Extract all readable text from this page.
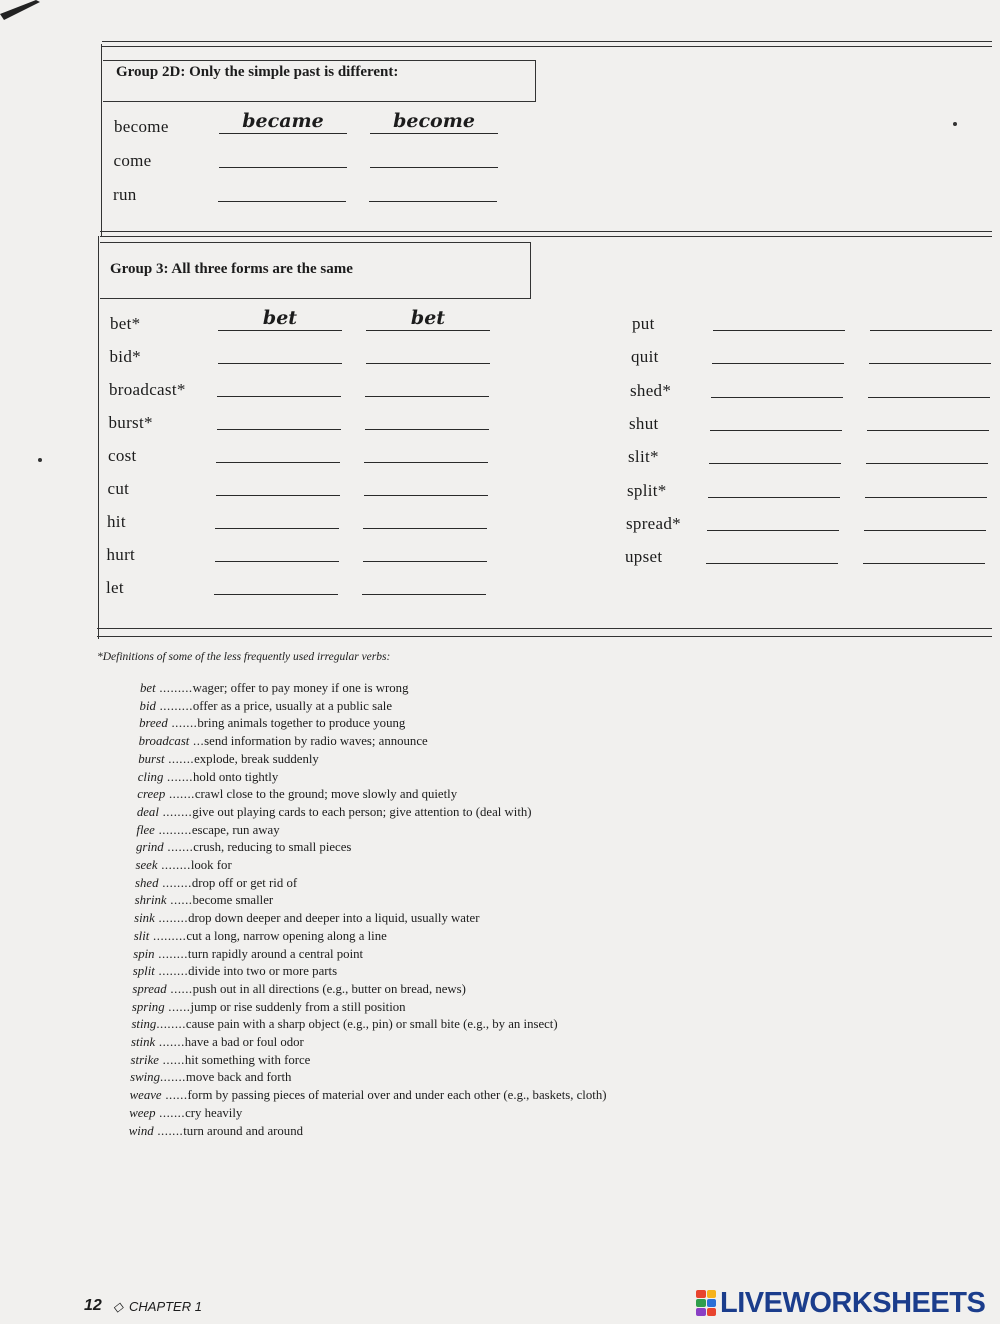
Group 2D: Only the simple past is different:
become	became	become
come
run
Group 3: All three forms are the same
bet*	bet	bet
bid*
broadcast*
burst*
cost
cut
hit
hurt
let
put
quit
shed*
shut
slit*
split*
spread*
upset
*Definitions of some of the less frequently used irregular verbs:
bet .........wager; offer to pay money if one is wrong
bid .........offer as a price, usually at a public sale
breed .......bring animals together to produce young
broadcast ...send information by radio waves; announce
burst .......explode, break suddenly
cling .......hold onto tightly
creep .......crawl close to the ground; move slowly and quietly
deal ........give out playing cards to each person; give attention to (deal with)
flee .........escape, run away
grind .......crush, reducing to small pieces
seek ........look for
shed ........drop off or get rid of
shrink ......become smaller
sink ........drop down deeper and deeper into a liquid, usually water
slit .........cut a long, narrow opening along a line
spin ........turn rapidly around a central point
split ........divide into two or more parts
spread ......push out in all directions (e.g., butter on bread, news)
spring ......jump or rise suddenly from a still position
sting........cause pain with a sharp object (e.g., pin) or small bite (e.g., by an insect)
stink .......have a bad or foul odor
strike ......hit something with force
swing.......move back and forth
weave ......form by passing pieces of material over and under each other (e.g., baskets, cloth)
weep .......cry heavily
wind .......turn around and around
12 ◇ CHAPTER 1	LIVEWORKSHEETS
